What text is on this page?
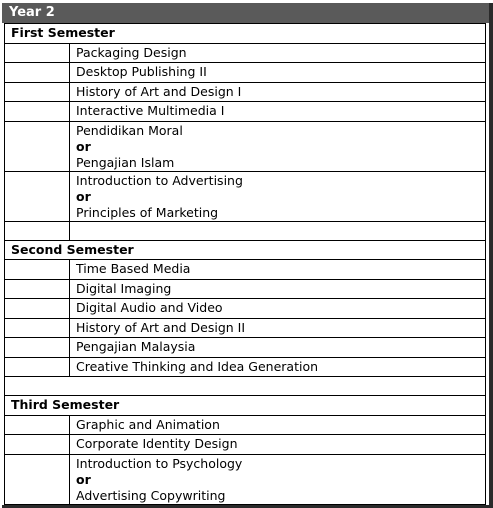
Year 2
First Semester	

	Packaging Design

	Desktop Publishing II

	History of Art and Design I

	Interactive Multimedia I

	Pendidikan Moral
or
Pengajian Islam

	Introduction to Advertising
or
Principles of Marketing

Second Semester	

	Time Based Media

	Digital Imaging

	Digital Audio and Video

	History of Art and Design II

	Pengajian Malaysia

	Creative Thinking and Idea Generation

Third Semester	

	Graphic and Animation

	Corporate Identity Design

	Introduction to Psychology
or
Advertising Copywriting
